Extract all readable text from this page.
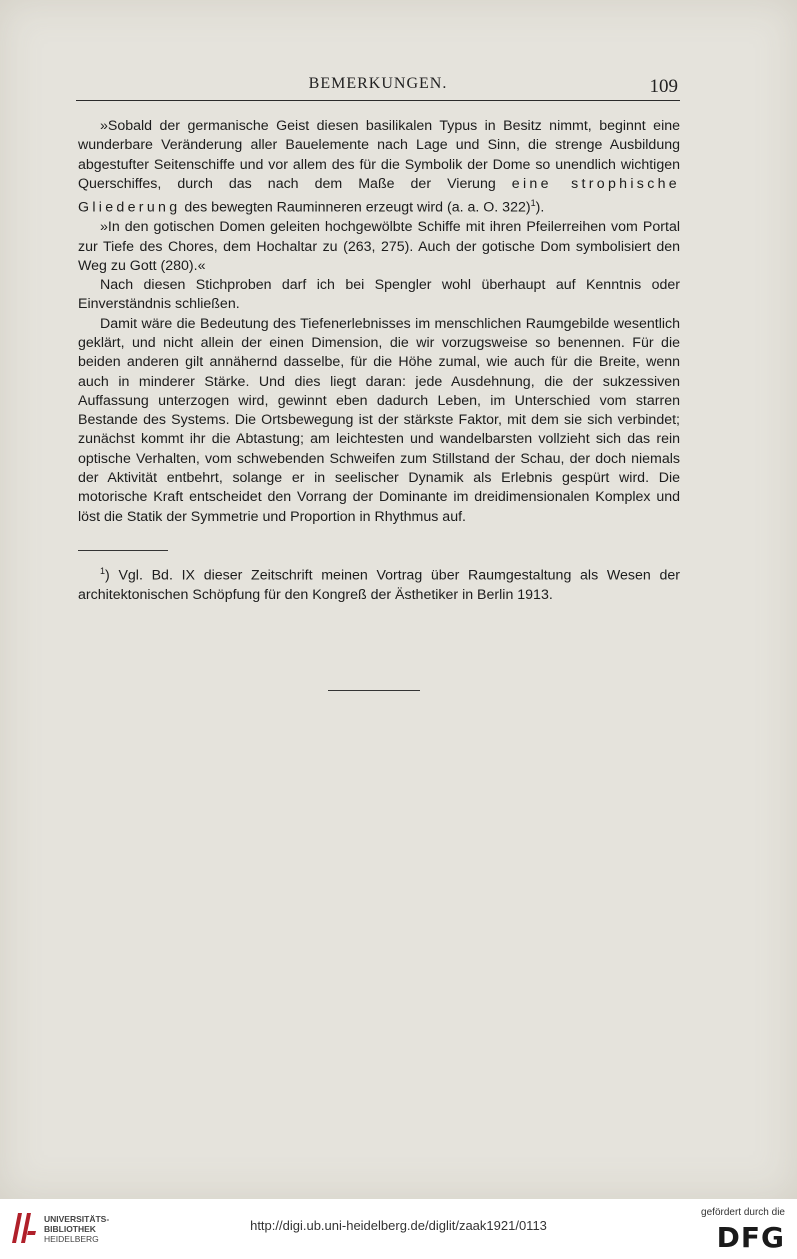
BEMERKUNGEN.	109

»Sobald der germanische Geist diesen basilikalen Typus in Besitz nimmt, beginnt eine wunderbare Veränderung aller Bauelemente nach Lage und Sinn, die strenge Ausbildung abgestufter Seitenschiffe und vor allem des für die Symbolik der Dome so unendlich wichtigen Querschiffes, durch das nach dem Maße der Vierung eine strophische Gliederung des bewegten Rauminneren erzeugt wird (a. a. O. 322)$^1$).

»In den gotischen Domen geleiten hochgewölbte Schiffe mit ihren Pfeilerreihen vom Portal zur Tiefe des Chores, dem Hochaltar zu (263, 275). Auch der gotische Dom symbolisiert den Weg zu Gott (280).«

Nach diesen Stichproben darf ich bei Spengler wohl überhaupt auf Kenntnis oder Einverständnis schließen.

Damit wäre die Bedeutung des Tiefenerlebnisses im menschlichen Raumgebilde wesentlich geklärt, und nicht allein der einen Dimension, die wir vorzugsweise so benennen. Für die beiden anderen gilt annähernd dasselbe, für die Höhe zumal, wie auch für die Breite, wenn auch in minderer Stärke. Und dies liegt daran: jede Ausdehnung, die der sukzessiven Auffassung unterzogen wird, gewinnt eben dadurch Leben, im Unterschied vom starren Bestande des Systems. Die Ortsbewegung ist der stärkste Faktor, mit dem sie sich verbindet; zunächst kommt ihr die Abtastung; am leichtesten und wandelbarsten vollzieht sich das rein optische Verhalten, vom schwebenden Schweifen zum Stillstand der Schau, der doch niemals der Aktivität entbehrt, solange er in seelischer Dynamik als Erlebnis gespürt wird. Die motorische Kraft entscheidet den Vorrang der Dominante im dreidimensionalen Komplex und löst die Statik der Symmetrie und Proportion in Rhythmus auf.

$^1$) Vgl. Bd. IX dieser Zeitschrift meinen Vortrag über Raumgestaltung als Wesen der architektonischen Schöpfung für den Kongreß der Ästhetiker in Berlin 1913.

UNIVERSITÄTS-
BIBLIOTHEK
HEIDELBERG
http://digi.ub.uni-heidelberg.de/diglit/zaak1921/0113
gefördert durch die
DFG
